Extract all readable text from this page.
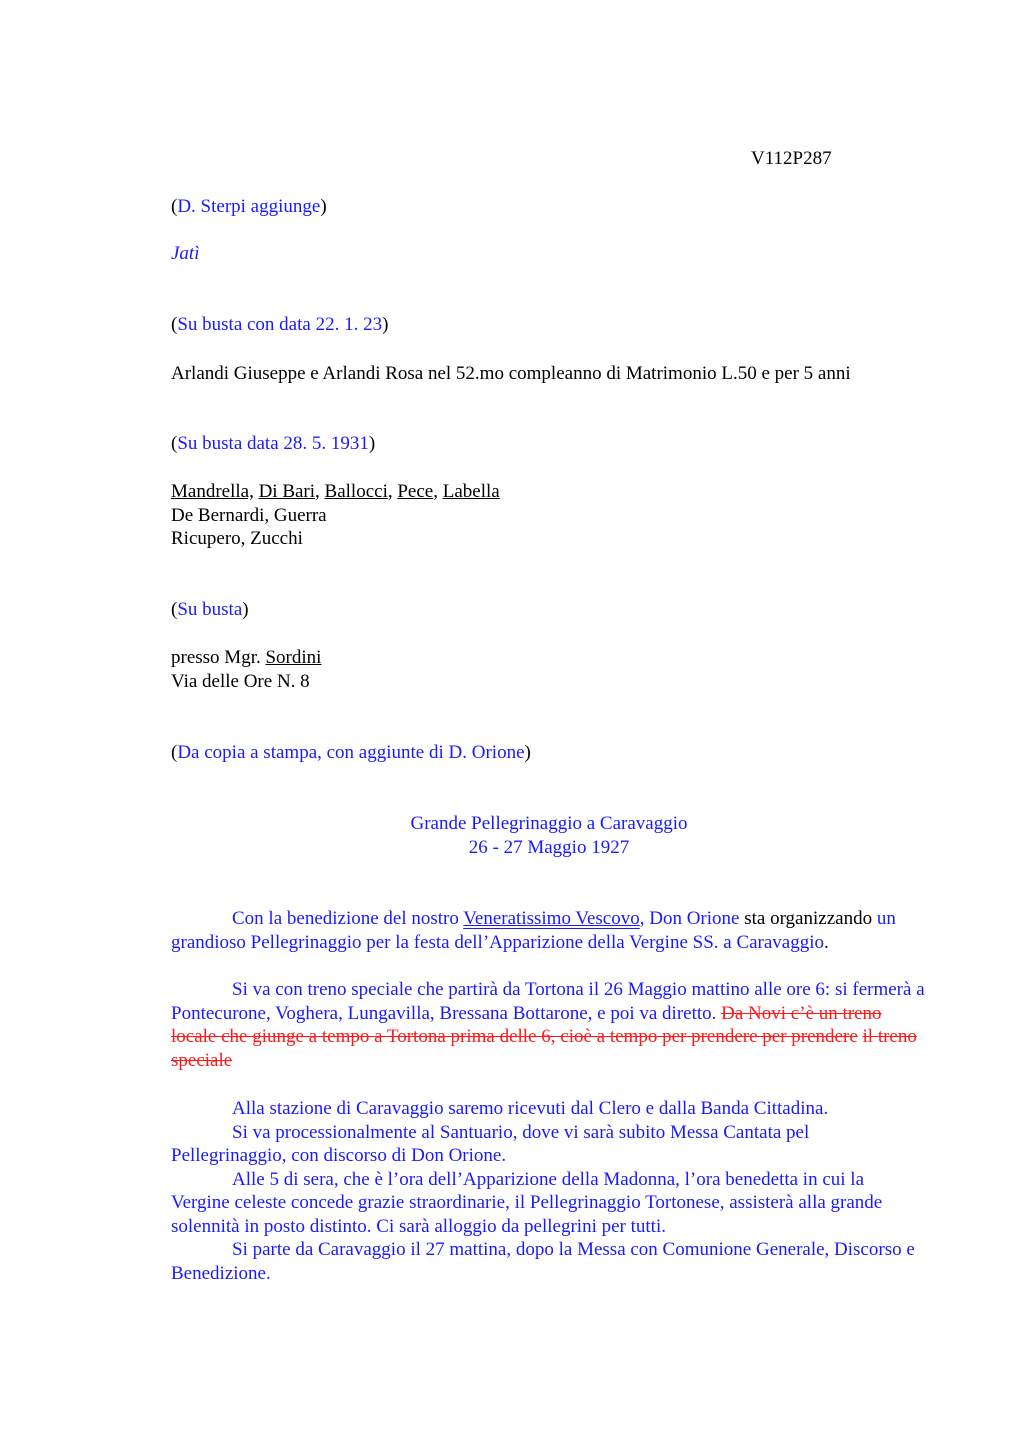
V112P287

(D. Sterpi aggiunge)

Jatì

(Su busta con data 22. 1. 23)

Arlandi Giuseppe e Arlandi Rosa nel 52.mo compleanno di Matrimonio L.50 e per 5 anni

(Su busta data 28. 5. 1931)

Mandrella, Di Bari, Ballocci, Pece, Labella
De Bernardi, Guerra
Ricupero, Zucchi

(Su busta)

presso Mgr. Sordini
Via delle Ore N. 8

(Da copia a stampa, con aggiunte di D. Orione)

Grande Pellegrinaggio a Caravaggio
26 - 27 Maggio 1927

Con la benedizione del nostro Veneratissimo Vescovo, Don Orione sta organizzando un grandioso Pellegrinaggio per la festa dell’Apparizione della Vergine SS. a Caravaggio.

Si va con treno speciale che partirà da Tortona il 26 Maggio mattino alle ore 6: si fermerà a Pontecurone, Voghera, Lungavilla, Bressana Bottarone, e poi va diretto. Da Novi c’è un treno locale che giunge a tempo a Tortona prima delle 6, cioè a tempo per prendere per prendere il treno speciale

Alla stazione di Caravaggio saremo ricevuti dal Clero e dalla Banda Cittadina.

Si va processionalmente al Santuario, dove vi sarà subito Messa Cantata pel Pellegrinaggio, con discorso di Don Orione.

Alle 5 di sera, che è l’ora dell’Apparizione della Madonna, l’ora benedetta in cui la Vergine celeste concede grazie straordinarie, il Pellegrinaggio Tortonese, assisterà alla grande solennità in posto distinto. Ci sarà alloggio da pellegrini per tutti.

Si parte da Caravaggio il 27 mattina, dopo la Messa con Comunione Generale, Discorso e Benedizione.
